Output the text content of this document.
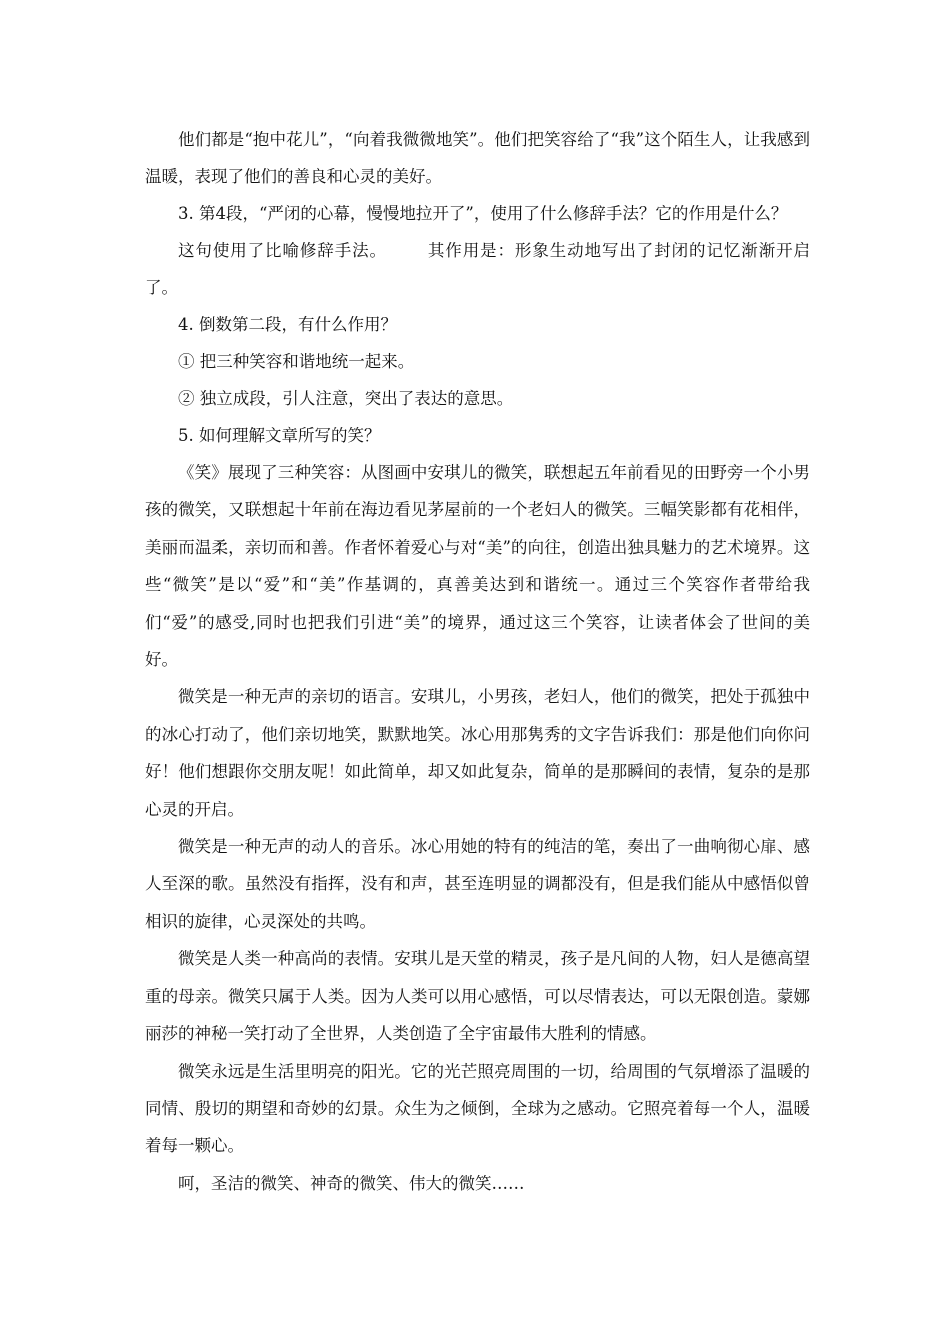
他们都是“抱中花儿”，“向着我微微地笑”。他们把笑容给了“我”这个陌生人，让我感到温暖，表现了他们的善良和心灵的美好。

3. 第4段，“严闭的心幕，慢慢地拉开了”，使用了什么修辞手法？它的作用是什么？

这句使用了比喻修辞手法。 其作用是：形象生动地写出了封闭的记忆渐渐开启了。

4. 倒数第二段，有什么作用？

① 把三种笑容和谐地统一起来。

② 独立成段，引人注意，突出了表达的意思。

5. 如何理解文章所写的笑？

《笑》展现了三种笑容：从图画中安琪儿的微笑，联想起五年前看见的田野旁一个小男孩的微笑，又联想起十年前在海边看见茅屋前的一个老妇人的微笑。三幅笑影都有花相伴，美丽而温柔，亲切而和善。作者怀着爱心与对“美”的向往，创造出独具魅力的艺术境界。这些“微笑”是以“爱”和“美”作基调的，真善美达到和谐统一。通过三个笑容作者带给我们“爱”的感受,同时也把我们引进“美”的境界，通过这三个笑容，让读者体会了世间的美好。

微笑是一种无声的亲切的语言。安琪儿，小男孩，老妇人，他们的微笑，把处于孤独中的冰心打动了，他们亲切地笑，默默地笑。冰心用那隽秀的文字告诉我们：那是他们向你问好！他们想跟你交朋友呢！如此简单，却又如此复杂，简单的是那瞬间的表情，复杂的是那心灵的开启。

微笑是一种无声的动人的音乐。冰心用她的特有的纯洁的笔，奏出了一曲响彻心扉、感人至深的歌。虽然没有指挥，没有和声，甚至连明显的调都没有，但是我们能从中感悟似曾相识的旋律，心灵深处的共鸣。

微笑是人类一种高尚的表情。安琪儿是天堂的精灵，孩子是凡间的人物，妇人是德高望重的母亲。微笑只属于人类。因为人类可以用心感悟，可以尽情表达，可以无限创造。蒙娜丽莎的神秘一笑打动了全世界，人类创造了全宇宙最伟大胜利的情感。

微笑永远是生活里明亮的阳光。它的光芒照亮周围的一切，给周围的气氛增添了温暖的同情、殷切的期望和奇妙的幻景。众生为之倾倒，全球为之感动。它照亮着每一个人，温暖着每一颗心。

呵，圣洁的微笑、神奇的微笑、伟大的微笑……
